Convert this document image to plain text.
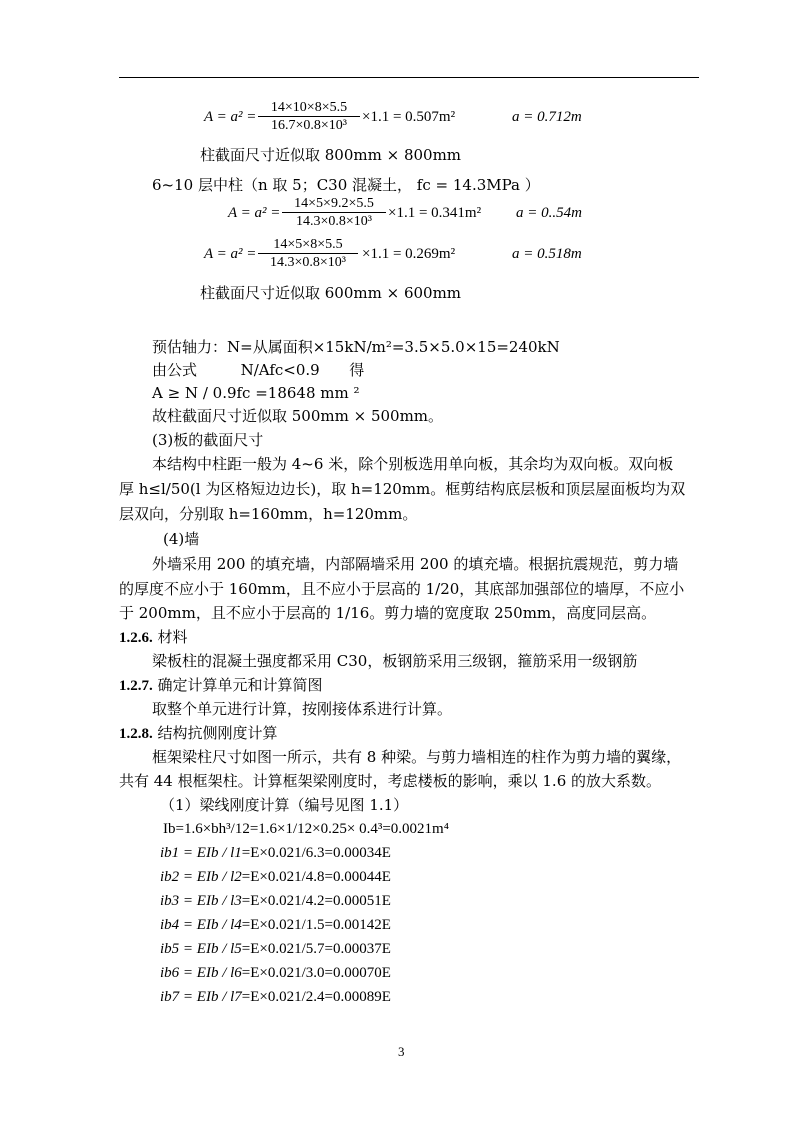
$A = a^2 = \frac{14\times 10\times 8\times 5.5}{\text{16.7×0.8×10³}} \times 1.1 = 0.507m^2$	a = 0.712m
柱截面尺寸近似取 800mm × 800mm
6~10 层中柱（n 取 5；C30 混凝土， fc = 14.3MPa ）
$A = a^2 = \frac{14\times 5\times 9.2\times 5.5}{\text{14.3×0.8×10³}} \times 1.1 = 0.341m^2$ a = 0..54m
$A = a^2 = \frac{14\times 5\times 8\times 5.5}{\text{14.3×0.8×10³}} \times 1.1 = 0.269m^2$	a = 0.518m
柱截面尺寸近似取 600mm × 600mm
预估轴力：N=从属面积×15kN/m²=3.5×5.0×15=240kN
由公式	N/Afc<0.9 得
A ≥ N / 0.9fc =18648 mm ²
故柱截面尺寸近似取 500mm × 500mm。
(3)板的截面尺寸
本结构中柱距一般为 4~6 米，除个别板选用单向板，其余均为双向板。双向板
厚 h≤l/50(l 为区格短边边长)，取 h=120mm。框剪结构底层板和顶层屋面板均为双
层双向，分别取 h=160mm，h=120mm。
(4)墙
外墙采用 200 的填充墙，内部隔墙采用 200 的填充墙。根据抗震规范，剪力墙
的厚度不应小于 160mm，且不应小于层高的 1/20，其底部加强部位的墙厚，不应小
于 200mm，且不应小于层高的 1/16。剪力墙的宽度取 250mm，高度同层高。
1.2.6. 材料
梁板柱的混凝土强度都采用 C30，板钢筋采用三级钢，箍筋采用一级钢筋
1.2.7. 确定计算单元和计算简图
取整个单元进行计算，按刚接体系进行计算。
1.2.8. 结构抗侧刚度计算
框架梁柱尺寸如图一所示，共有 8 种梁。与剪力墙相连的柱作为剪力墙的翼缘，
共有 44 根框架柱。计算框架梁刚度时，考虑楼板的影响，乘以 1.6 的放大系数。
（1）梁线刚度计算（编号见图 1.1）
Ib=1.6×bh³/12=1.6×1/12×0.25× 0.4³=0.0021m⁴
ib1 = EIb / l1=E×0.021/6.3=0.00034E
ib2 = EIb / l2=E×0.021/4.8=0.00044E
ib3 = EIb / l3=E×0.021/4.2=0.00051E
ib4 = EIb / l4=E×0.021/1.5=0.00142E
ib5 = EIb / l5=E×0.021/5.7=0.00037E
ib6 = EIb / l6=E×0.021/3.0=0.00070E
ib7 = EIb / l7=E×0.021/2.4=0.00089E
3
